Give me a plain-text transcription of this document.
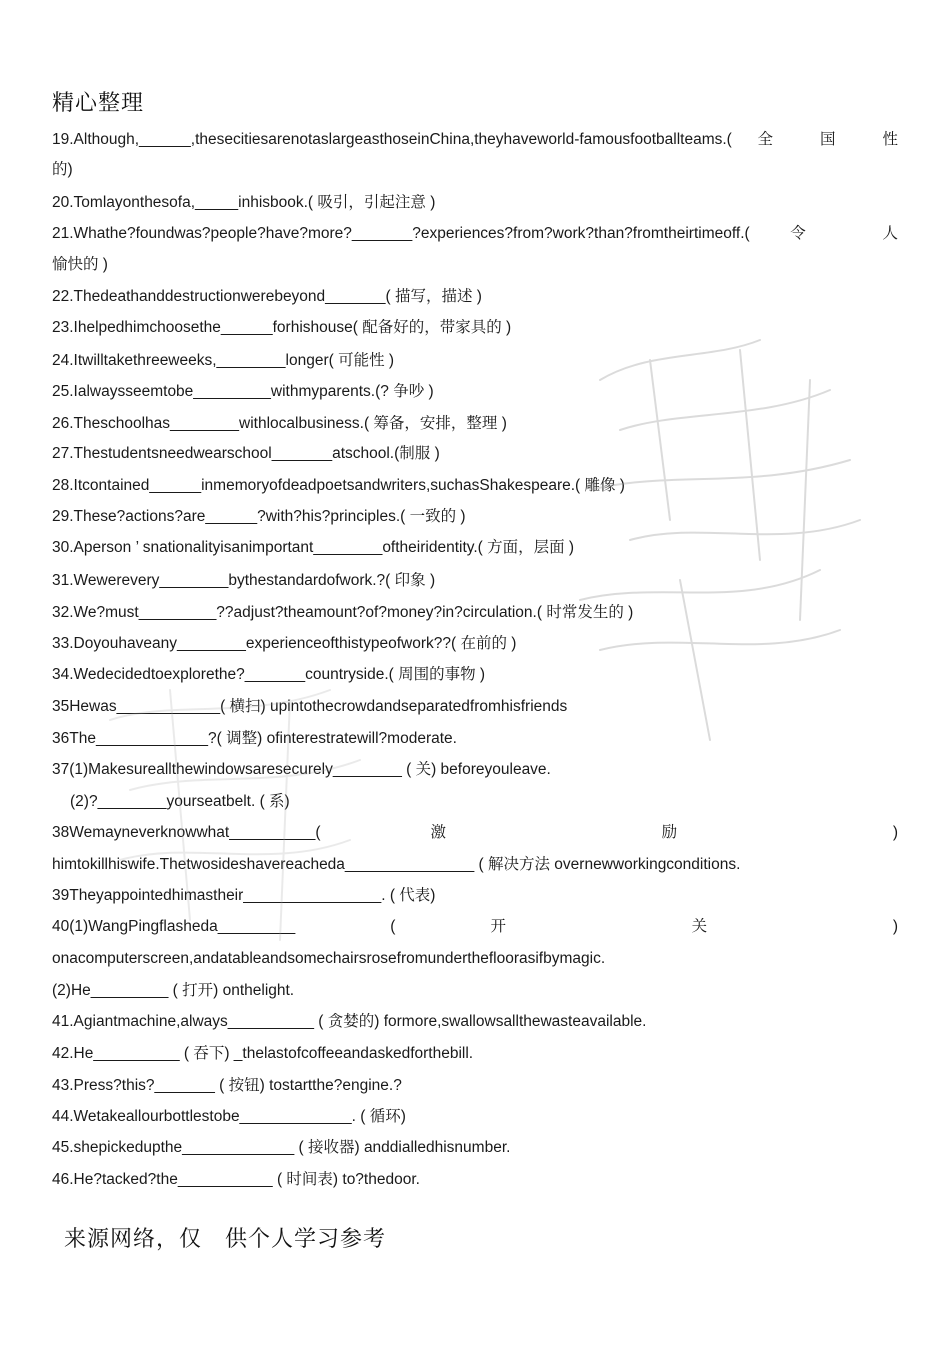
精心整理
19.Although,______,thesecitiesarenotaslargeasthoseinChina,theyhaveworld-famousfootballteams.( 全 国 性
的)
20.Tomlayonthesofa,_____inhisbook.( 吸引，引起注意 )
21.Whathe?foundwas?people?have?more?_______?experiences?from?work?than?fromtheirtimeoff.( 令 人
愉快的 )
22.Thedeathanddestructionwerebeyond_______( 描写，描述 )
23.Ihelpedhimchoosethe______forhishouse( 配备好的，带家具的 )
24.Itwilltakethreeweeks,________longer( 可能性 )
25.Ialwaysseemtobe_________withmyparents.(? 争吵 )
26.Theschoolhas________withlocalbusiness.( 筹备，安排，整理 )
27.Thestudentsneedwearschool_______atschool.(制服 )
28.Itcontained______inmemoryofdeadpoetsandwriters,suchasShakespeare.( 雕像 )
29.These?actions?are______?with?his?principles.( 一致的 )
30.Aperson ’ snationalityisanimportant________oftheiridentity.( 方面，层面 )
31.Wewerevery________bythestandardofwork.?( 印象 )
32.We?must_________??adjust?theamount?of?money?in?circulation.( 时常发生的 )
33.Doyouhaveany________experienceofthistypeofwork??( 在前的 )
34.Wedecidedtoexplorethe?_______countryside.( 周围的事物 )
35Hewas____________( 横扫) upintothecrowdandseparatedfromhisfriends
36The_____________?( 调整) ofinterestratewill?moderate.
37(1)Makesureallthewindowsaresecurely________ ( 关) beforeyouleave.
(2)?________yourseatbelt. ( 系)
38Wemayneverknowwhat__________( 激 励 )
himtokillhiswife.Thetwosideshavereacheda_______________ ( 解决方法 overnewworkingconditions.
39Theyappointedhimastheir________________. ( 代表)
40(1)WangPingflasheda_________ ( 开 关 )
onacomputerscreen,andatableandsomechairsrosefromunderthefloorasifbymagic.
(2)He_________ ( 打开) onthelight.
41.Agiantmachine,always__________ ( 贪婪的) formore,swallowsallthewasteavailable.
42.He__________ ( 吞下) _thelastofcoffeeandaskedforthebill.
43.Press?this?_______ ( 按钮) tostartthe?engine.?
44.Wetakeallourbottlestobe_____________. ( 循环)
45.shepickedupthe_____________ ( 接收器) anddialledhisnumber.
46.He?tacked?the___________ ( 时间表) to?thedoor.
来源网络，仅　供个人学习参考
